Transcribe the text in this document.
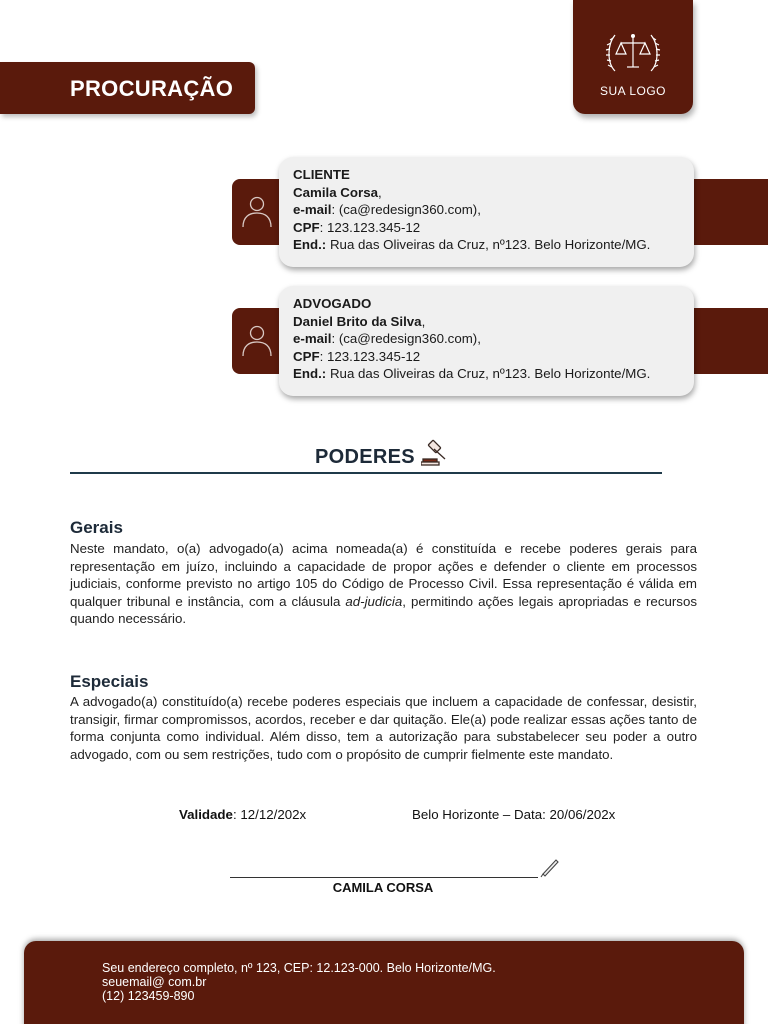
PROCURAÇÃO	SUA LOGO
CLIENTE
Camila Corsa,
e-mail: (ca@redesign360.com),
CPF: 123.123.345-12
End.: Rua das Oliveiras da Cruz, nº123. Belo Horizonte/MG.
ADVOGADO
Daniel Brito da Silva,
e-mail: (ca@redesign360.com),
CPF: 123.123.345-12
End.: Rua das Oliveiras da Cruz, nº123. Belo Horizonte/MG.
PODERES
Gerais

Neste mandato, o(a) advogado(a) acima nomeada(a) é constituída e recebe poderes gerais para representação em juízo, incluindo a capacidade de propor ações e defender o cliente em processos judiciais, conforme previsto no artigo 105 do Código de Processo Civil. Essa representação é válida em qualquer tribunal e instância, com a cláusula ad-judicia, permitindo ações legais apropriadas e recursos quando necessário.

Especiais

A advogado(a) constituído(a) recebe poderes especiais que incluem a capacidade de confessar, desistir, transigir, firmar compromissos, acordos, receber e dar quitação. Ele(a) pode realizar essas ações tanto de forma conjunta como individual. Além disso, tem a autorização para substabelecer seu poder a outro advogado, com ou sem restrições, tudo com o propósito de cumprir fielmente este mandato.

Validade: 12/12/202x	Belo Horizonte – Data: 20/06/202x
CAMILA CORSA
Seu endereço completo, nº 123, CEP: 12.123-000. Belo Horizonte/MG.
seuemail@ com.br
(12) 123459-890
